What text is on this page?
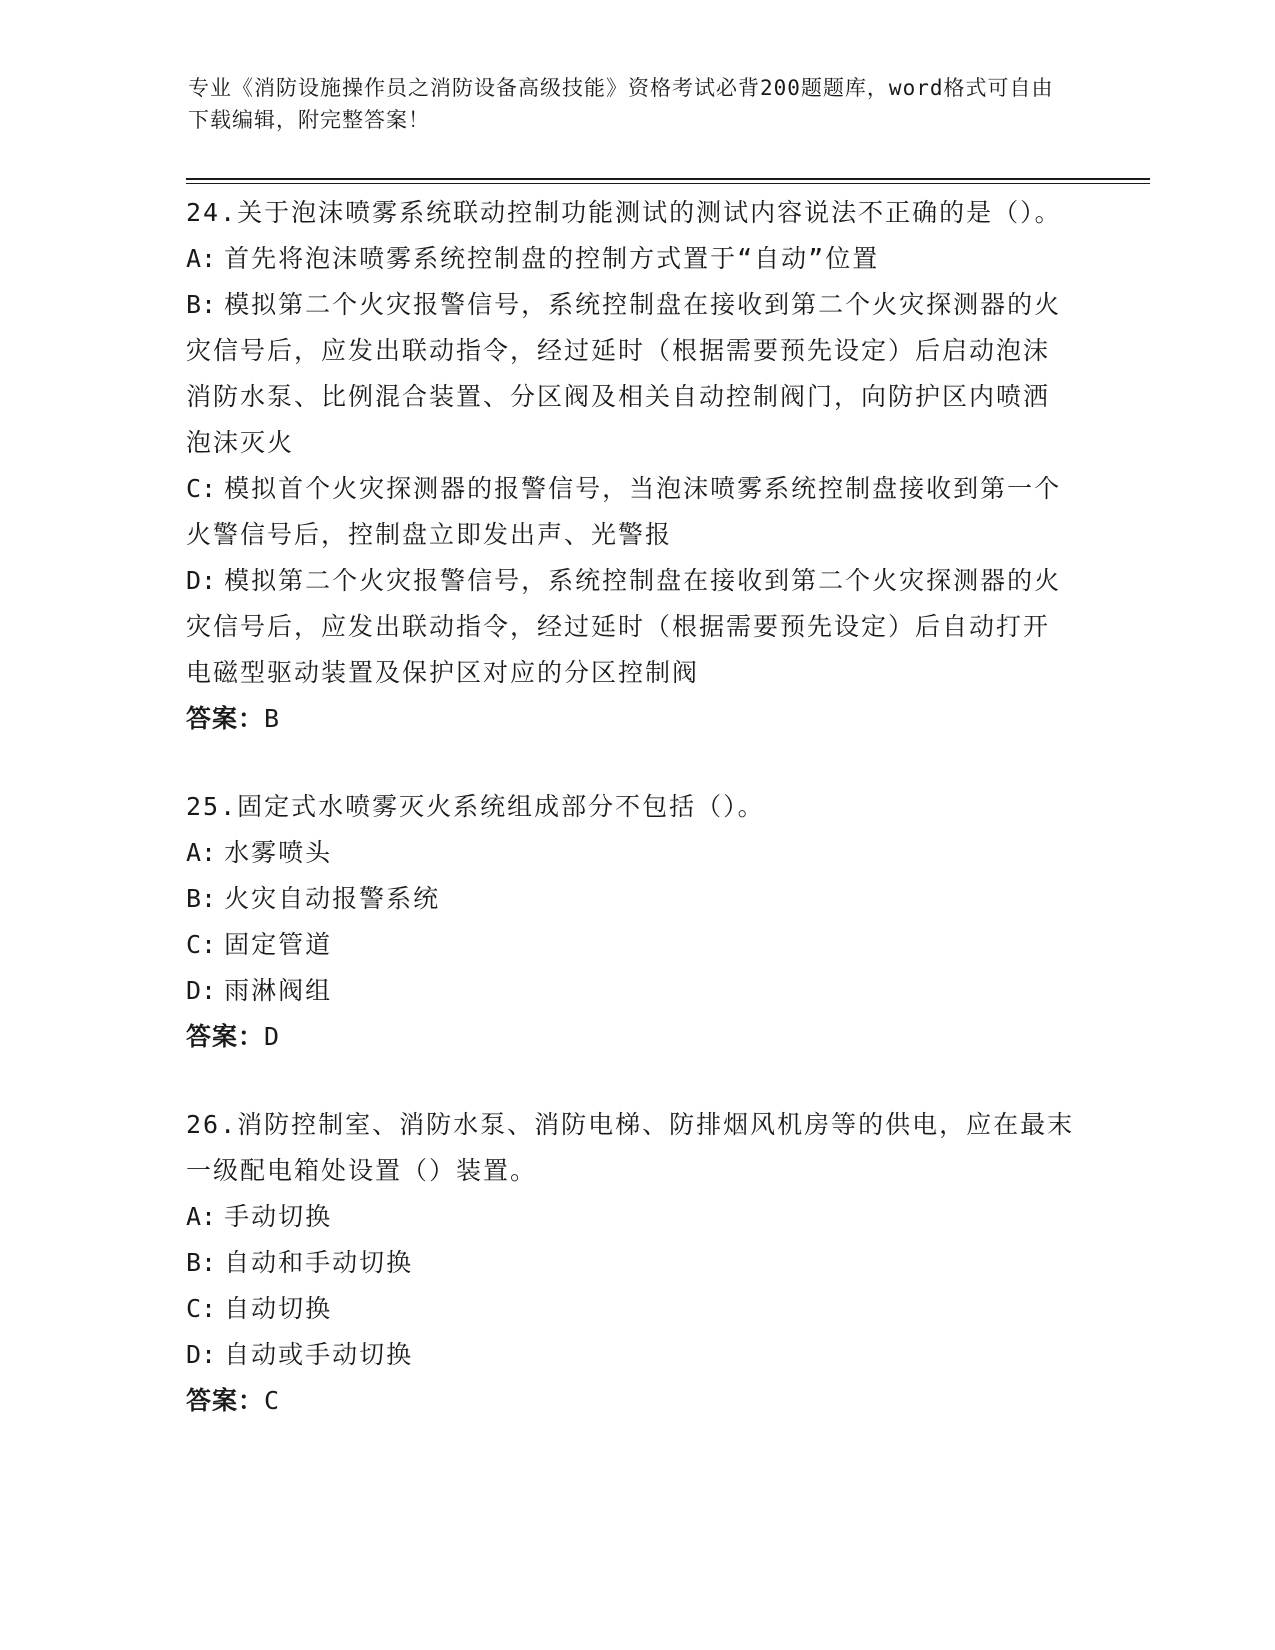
专业《消防设施操作员之消防设备高级技能》资格考试必背200题题库，word格式可自由下载编辑，附完整答案！

24.关于泡沫喷雾系统联动控制功能测试的测试内容说法不正确的是（）。

A: 首先将泡沫喷雾系统控制盘的控制方式置于“自动”位置

B: 模拟第二个火灾报警信号，系统控制盘在接收到第二个火灾探测器的火灾信号后，应发出联动指令，经过延时（根据需要预先设定）后启动泡沫消防水泵、比例混合装置、分区阀及相关自动控制阀门，向防护区内喷洒泡沫灭火

C: 模拟首个火灾探测器的报警信号，当泡沫喷雾系统控制盘接收到第一个火警信号后，控制盘立即发出声、光警报

D: 模拟第二个火灾报警信号，系统控制盘在接收到第二个火灾探测器的火灾信号后，应发出联动指令，经过延时（根据需要预先设定）后自动打开电磁型驱动装置及保护区对应的分区控制阀

答案：B

25.固定式水喷雾灭火系统组成部分不包括（）。

A: 水雾喷头

B: 火灾自动报警系统

C: 固定管道

D: 雨淋阀组

答案：D

26.消防控制室、消防水泵、消防电梯、防排烟风机房等的供电，应在最末一级配电箱处设置（）装置。

A: 手动切换

B: 自动和手动切换

C: 自动切换

D: 自动或手动切换

答案：C
